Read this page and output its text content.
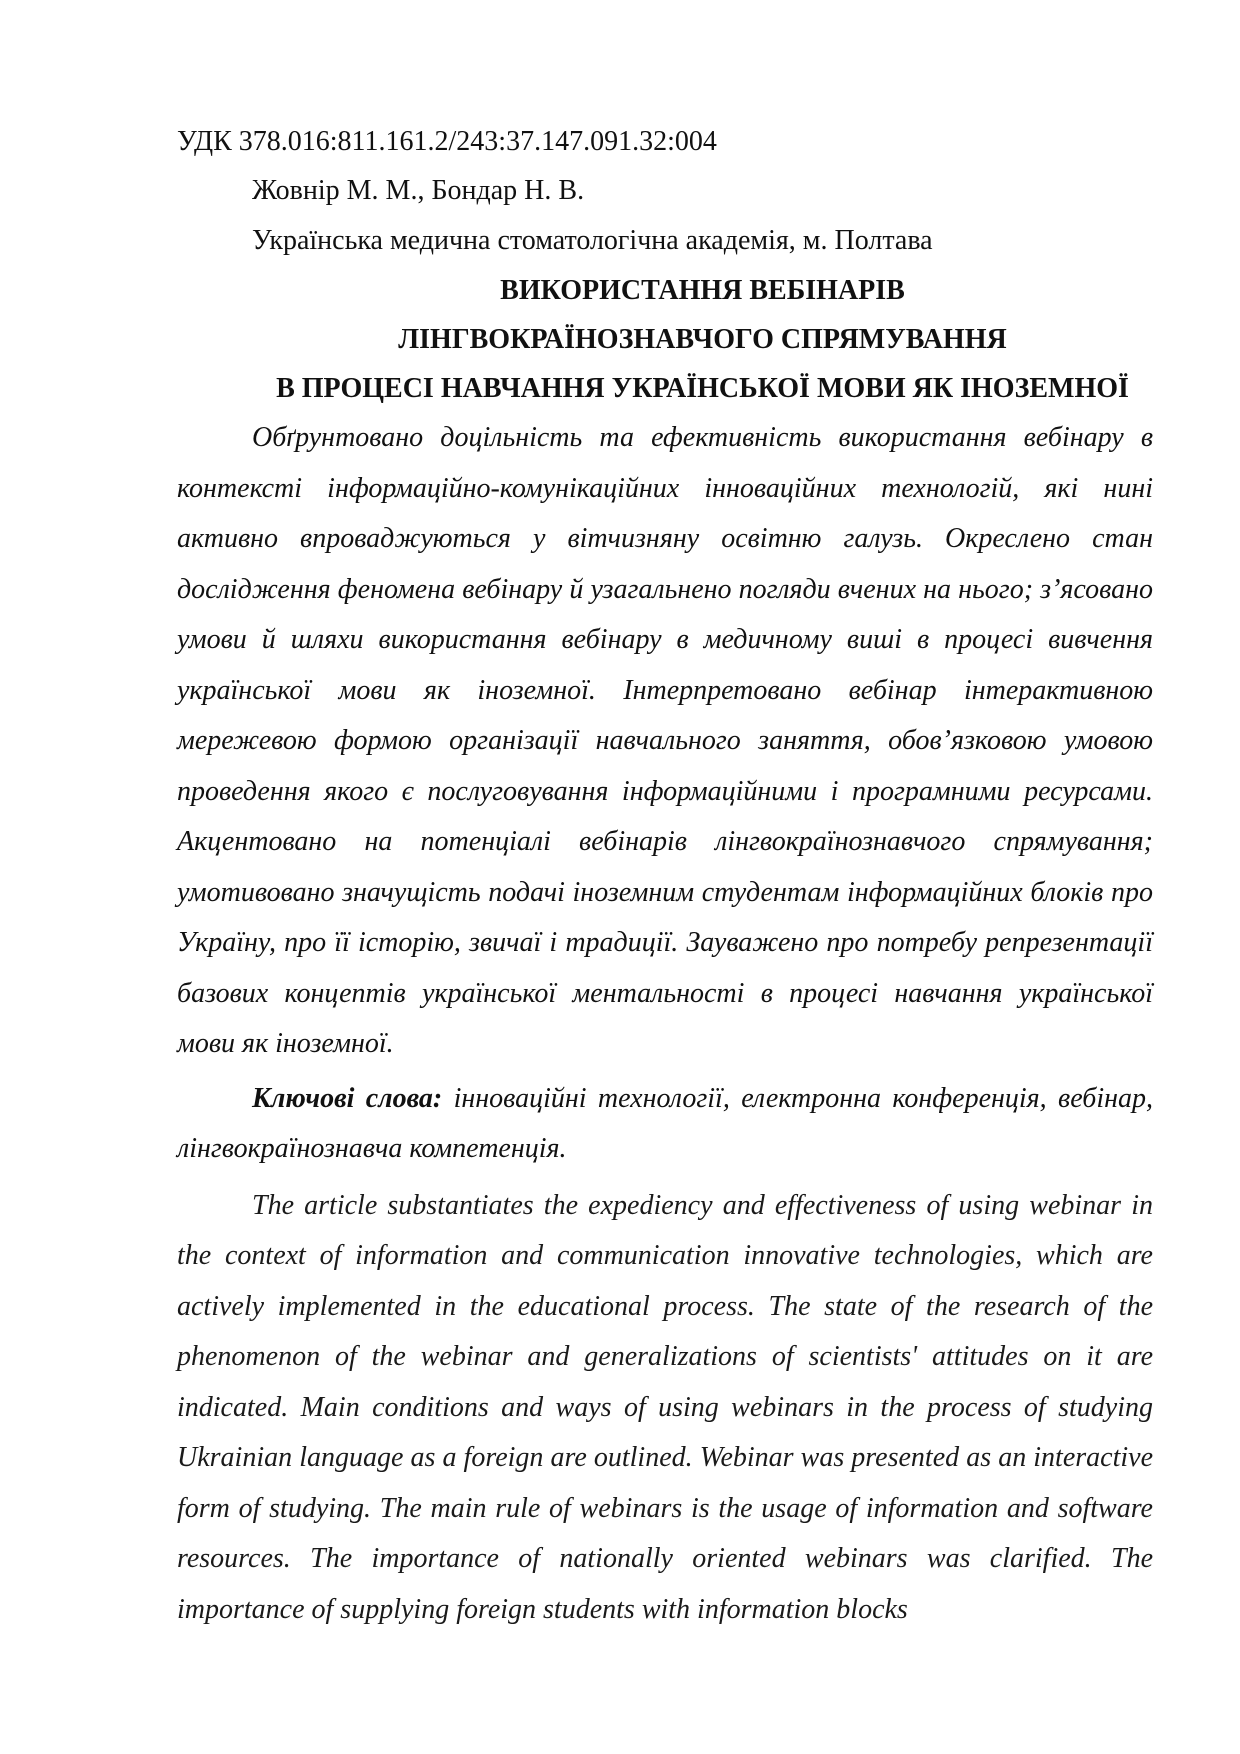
УДК 378.016:811.161.2/243:37.147.091.32:004

Жовнір М. М., Бондар Н. В.

Українська медична стоматологічна академія, м. Полтава

ВИКОРИСТАННЯ ВЕБІНАРІВ
ЛІНГВОКРАЇНОЗНАВЧОГО СПРЯМУВАННЯ
В ПРОЦЕСІ НАВЧАННЯ УКРАЇНСЬКОЇ МОВИ ЯК ІНОЗЕМНОЇ

Обґрунтовано доцільність та ефективність використання вебінару в контексті інформаційно-комунікаційних інноваційних технологій, які нині активно впроваджуються у вітчизняну освітню галузь. Окреслено стан дослідження феномена вебінару й узагальнено погляди вчених на нього; з’ясовано умови й шляхи використання вебінару в медичному виші в процесі вивчення української мови як іноземної. Інтерпретовано вебінар інтерактивною мережевою формою організації навчального заняття, обов’язковою умовою проведення якого є послуговування інформаційними і програмними ресурсами. Акцентовано на потенціалі вебінарів лінгвокраїнознавчого спрямування; умотивовано значущість подачі іноземним студентам інформаційних блоків про Україну, про її історію, звичаї і традиції. Зауважено про потребу репрезентації базових концептів української ментальності в процесі навчання української мови як іноземної.

Ключові слова: інноваційні технології, електронна конференція, вебінар, лінгвокраїнознавча компетенція.

The article substantiates the expediency and effectiveness of using webinar in the context of information and communication innovative technologies, which are actively implemented in the educational process. The state of the research of the phenomenon of the webinar and generalizations of scientists' attitudes on it are indicated. Main conditions and ways of using webinars in the process of studying Ukrainian language as a foreign are outlined. Webinar was presented as an interactive form of studying. The main rule of webinars is the usage of information and software resources. The importance of nationally oriented webinars was clarified. The importance of supplying foreign students with information blocks
